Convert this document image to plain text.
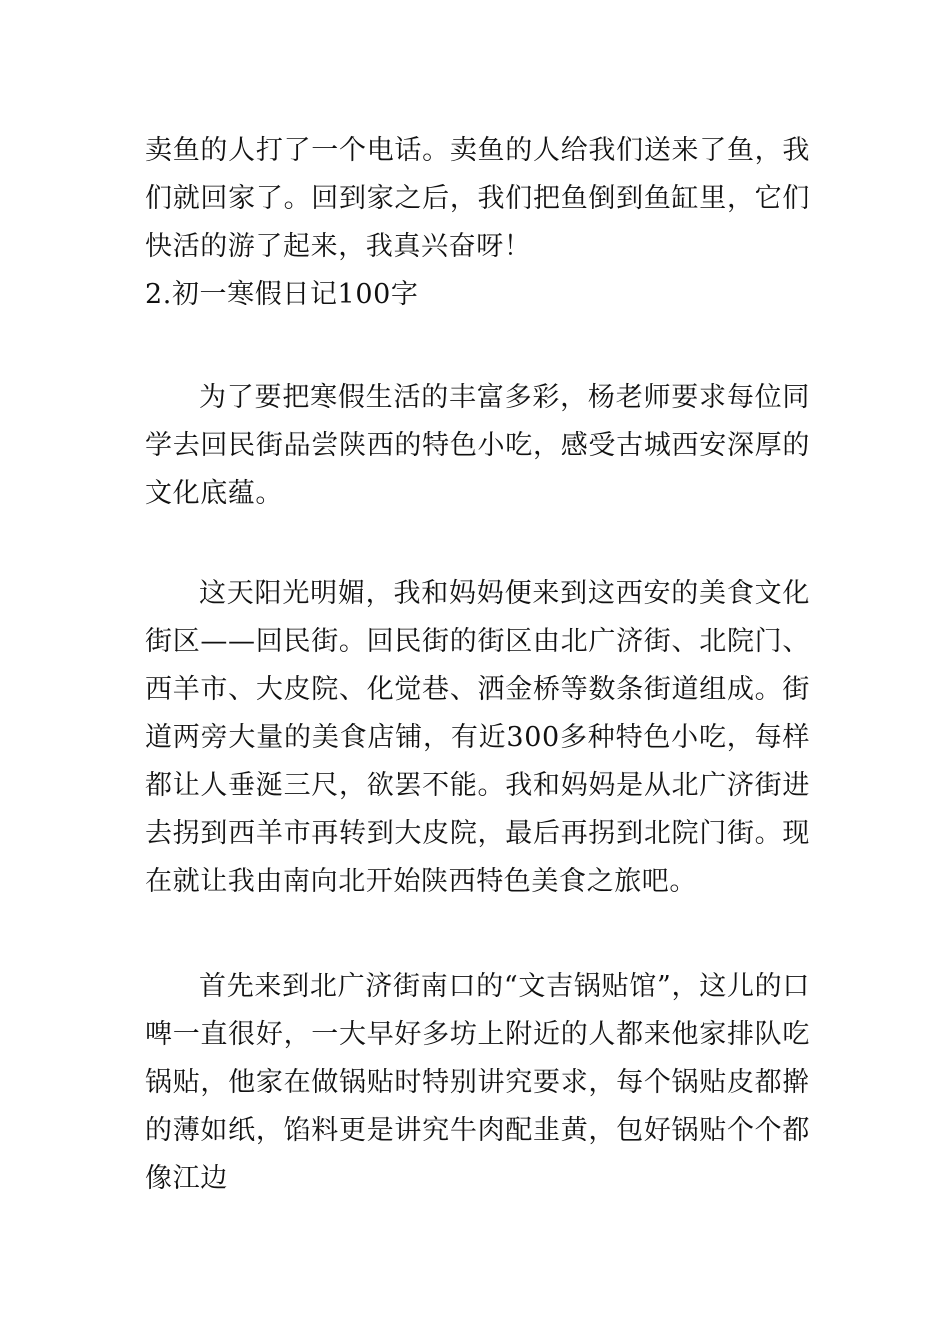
卖鱼的人打了一个电话。卖鱼的人给我们送来了鱼，我们就回家了。回到家之后，我们把鱼倒到鱼缸里，它们快活的游了起来，我真兴奋呀！

2.初一寒假日记100字

为了要把寒假生活的丰富多彩，杨老师要求每位同学去回民街品尝陕西的特色小吃，感受古城西安深厚的文化底蕴。

这天阳光明媚，我和妈妈便来到这西安的美食文化街区——回民街。回民街的街区由北广济街、北院门、西羊市、大皮院、化觉巷、洒金桥等数条街道组成。街道两旁大量的美食店铺，有近300多种特色小吃，每样都让人垂涎三尺，欲罢不能。我和妈妈是从北广济街进去拐到西羊市再转到大皮院，最后再拐到北院门街。现在就让我由南向北开始陕西特色美食之旅吧。

首先来到北广济街南口的“文吉锅贴馆”，这儿的口啤一直很好，一大早好多坊上附近的人都来他家排队吃锅贴，他家在做锅贴时特别讲究要求，每个锅贴皮都擀的薄如纸，馅料更是讲究牛肉配韭黄，包好锅贴个个都像江边
